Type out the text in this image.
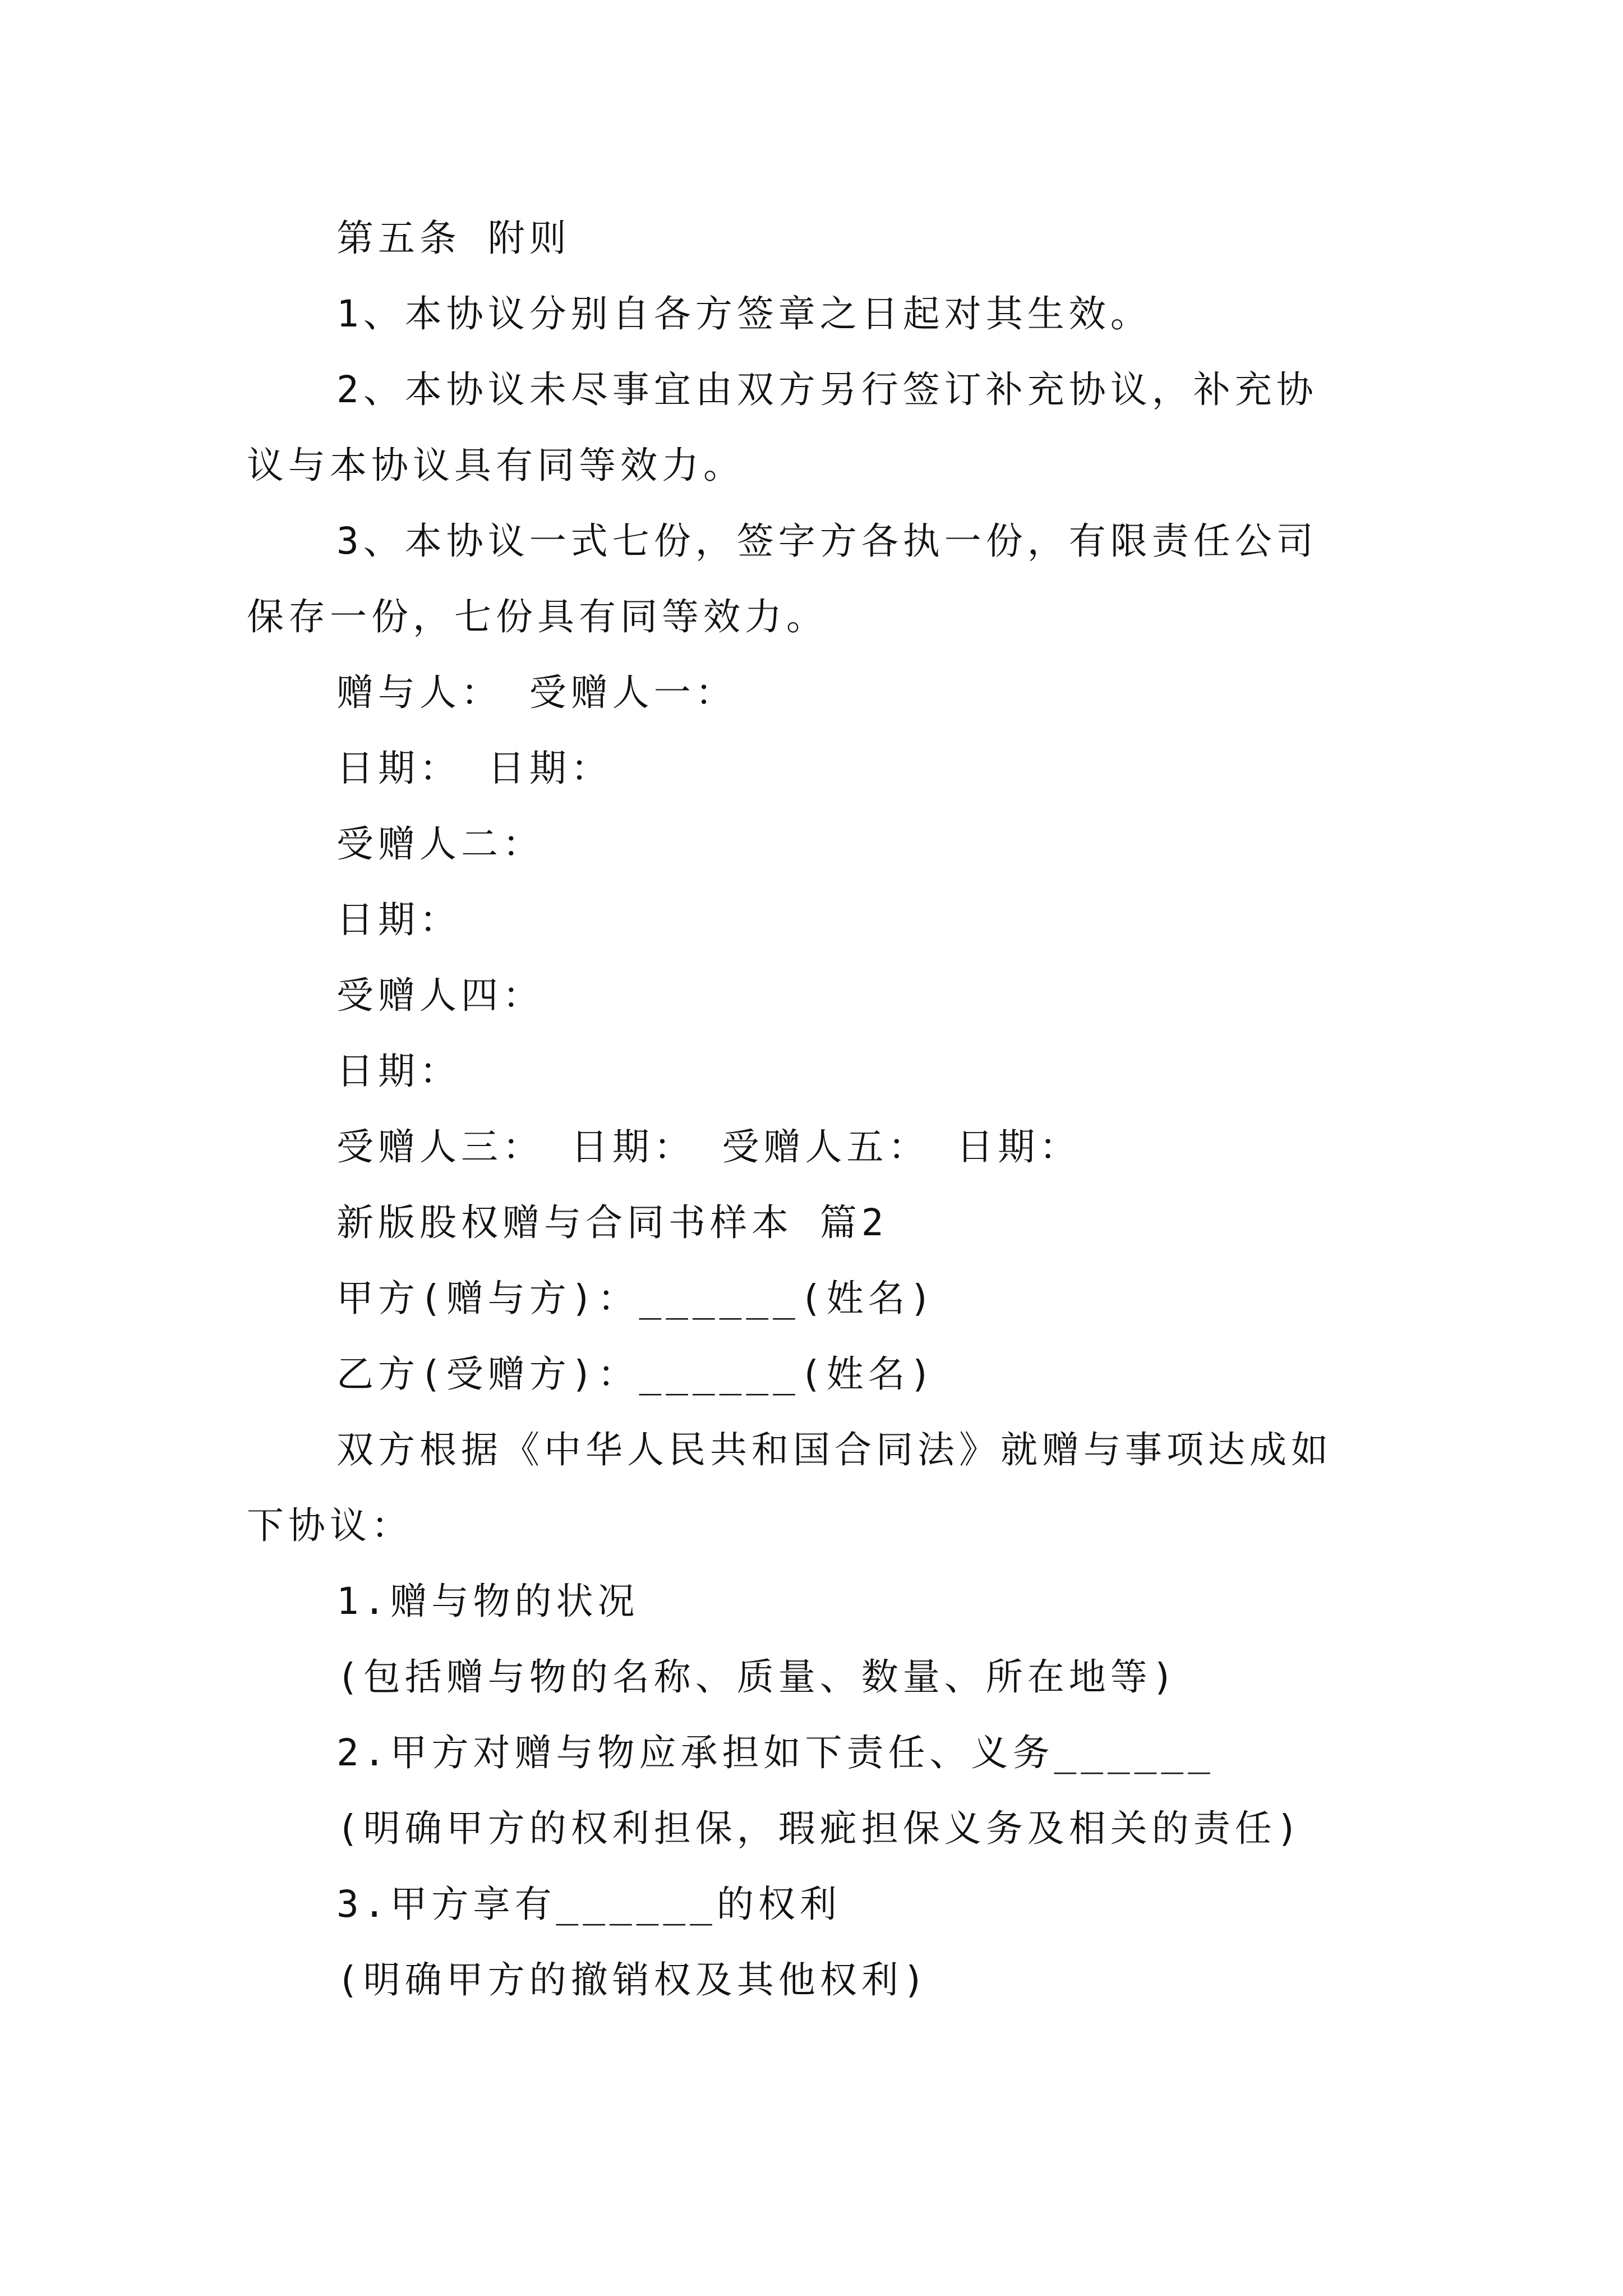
第五条 附则
1、本协议分别自各方签章之日起对其生效。
2、本协议未尽事宜由双方另行签订补充协议，补充协
议与本协议具有同等效力。
3、本协议一式七份，签字方各执一份，有限责任公司
保存一份，七份具有同等效力。
赠与人： 受赠人一：
日期： 日期：
受赠人二：
日期：
受赠人四：
日期：
受赠人三： 日期： 受赠人五： 日期：
新版股权赠与合同书样本 篇2
甲方(赠与方)：______(姓名)
乙方(受赠方)：______(姓名)
双方根据《中华人民共和国合同法》就赠与事项达成如
下协议：
1.赠与物的状况
(包括赠与物的名称、质量、数量、所在地等)
2.甲方对赠与物应承担如下责任、义务______
(明确甲方的权利担保，瑕疵担保义务及相关的责任)
3.甲方享有______的权利
(明确甲方的撤销权及其他权利)
